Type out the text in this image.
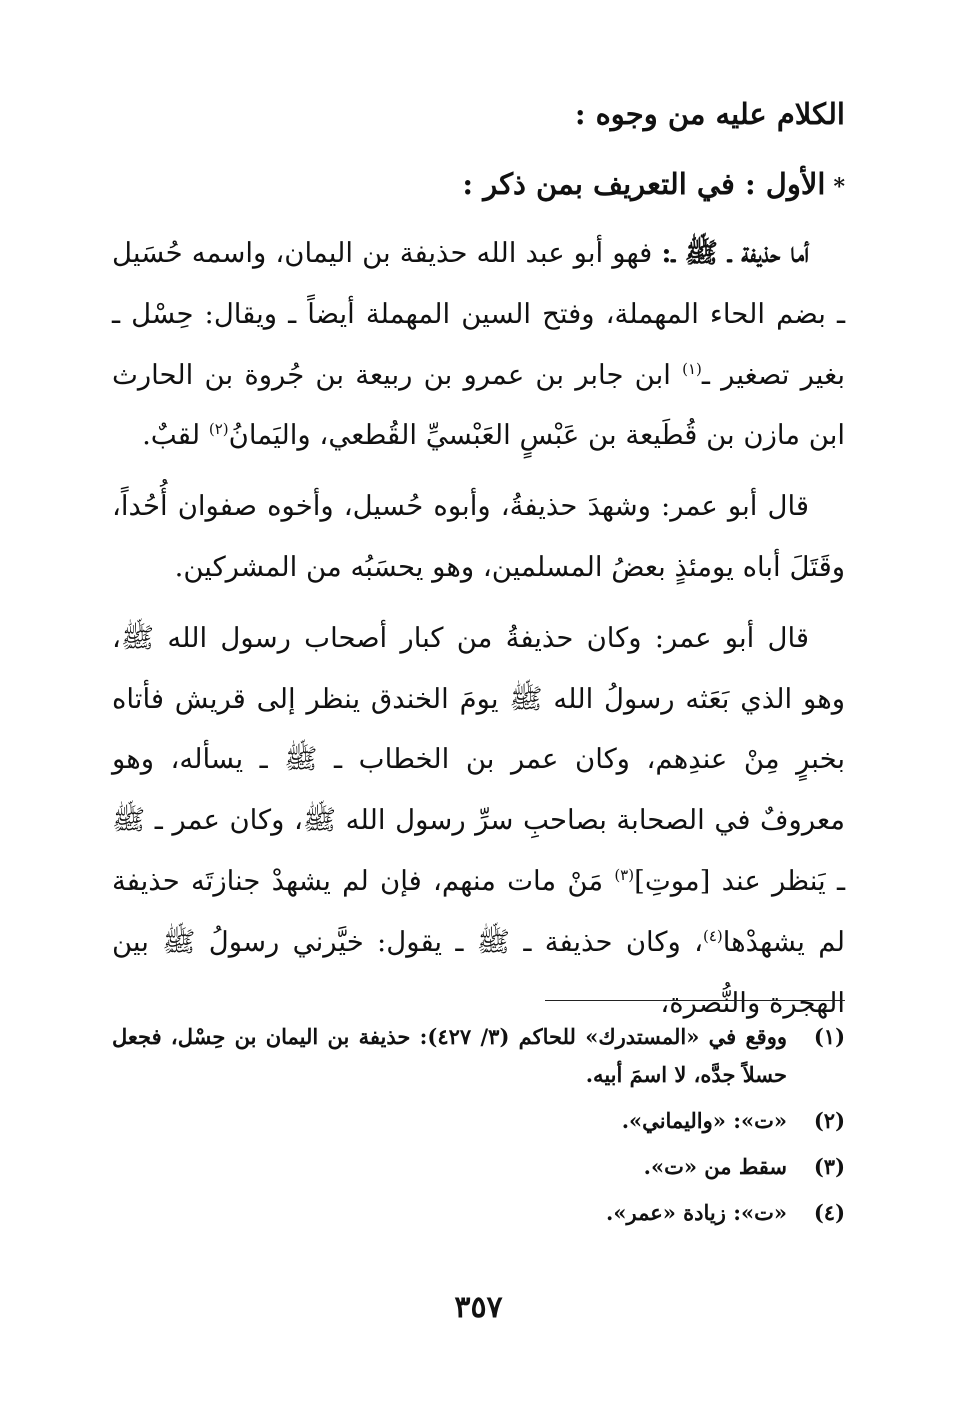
الكلام عليه من وجوه :
*الأول : في التعريف بمن ذكر :

أما حذيفة ـ ﷺ ـ: فهو أبو عبد الله حذيفة بن اليمان، واسمه حُسَيل ـ بضم الحاء المهملة، وفتح السين المهملة أيضاً ـ ويقال: حِسْل ـ بغير تصغير ـ$^{(١)}$ ابن جابر بن عمرو بن ربيعة بن جُروة بن الحارث ابن مازن بن قُطَيعة بن عَبْسٍ العَبْسيِّ القُطعي، واليَمانُ$^{(٢)}$ لقبٌ.

قال أبو عمر: وشهدَ حذيفةُ، وأبوه حُسيل، وأخوه صفوان أُحُداً، وقَتَلَ أباه يومئذٍ بعضُ المسلمين، وهو يحسَبُه من المشركين.

قال أبو عمر: وكان حذيفةُ من كبار أصحاب رسول الله ﷺ، وهو الذي بَعَثه رسولُ الله ﷺ يومَ الخندق ينظر إلى قريش فأتاه بخبرٍ مِنْ عندِهم، وكان عمر بن الخطاب ـ ﷺ ـ يسأله، وهو معروفٌ في الصحابة بصاحبِ سرِّ رسول الله ﷺ، وكان عمر ـ ﷺ ـ يَنظر عند [موتِ]$^{(٣)}$ مَنْ مات منهم، فإن لم يشهدْ جنازتَه حذيفة لم يشهدْها$^{(٤)}$، وكان حذيفة ـ ﷺ ـ يقول: خيَّرني رسولُ ﷺ بين الهجرة والنُّصرة،

(١)
ووقع في «المستدرك» للحاكم (٣/ ٤٢٧): حذيفة بن اليمان بن حِسْل، فجعل حسلاً جدَّه، لا اسمَ أبيه.
(٢)
«ت»: «واليماني».
(٣)
سقط من «ت».
(٤)
«ت»: زيادة «عمر».
٣٥٧
